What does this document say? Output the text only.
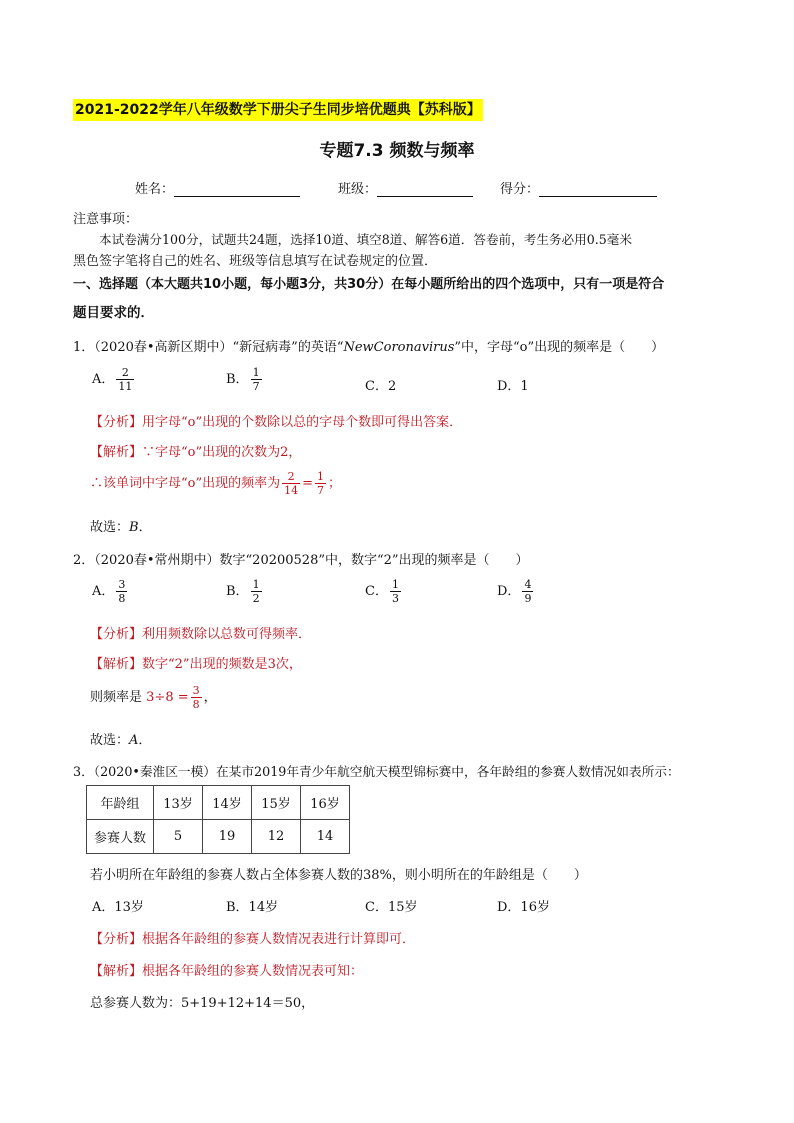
2021-2022学年八年级数学下册尖子生同步培优题典【苏科版】
专题7.3 频数与频率
姓名：	班级：	得分：
注意事项：
本试卷满分100分，试题共24题，选择10道、填空8道、解答6道．答卷前，考生务必用0.5毫米
黑色签字笔将自己的姓名、班级等信息填写在试卷规定的位置．
一、选择题（本大题共10小题，每小题3分，共30分）在每小题所给出的四个选项中，只有一项是符合
题目要求的．
1．（2020春•高新区期中）“新冠病毒”的英语“NewCoronavirus”中，字母“o”出现的频率是（　　）
A． $\frac{2}{11}$	B． $\frac{1}{7}$	C．2	D．1
【分析】用字母“o”出现的个数除以总的字母个数即可得出答案．
【解析】∵字母“o”出现的次数为2，
∴该单词中字母“o”出现的频率为 $\frac{2}{14} = \frac{1}{7}$ ；
故选：B．
2．（2020春•常州期中）数字“20200528”中，数字“2”出现的频率是（　　）
A． $\frac{3}{8}$	B． $\frac{1}{2}$	C． $\frac{1}{3}$	D． $\frac{4}{9}$
【分析】利用频数除以总数可得频率．
【解析】数字“2”出现的频数是3次，
则频率是 $3\div 8 = \frac{3}{8}$ ，
故选：A．
3．（2020•秦淮区一模）在某市2019年青少年航空航天模型锦标赛中，各年龄组的参赛人数情况如表所示：
年龄组	13岁	14岁	15岁	16岁
参赛人数	5	19	12	14
若小明所在年龄组的参赛人数占全体参赛人数的38%，则小明所在的年龄组是（　　）
A．13岁	B．14岁	C．15岁	D．16岁
【分析】根据各年龄组的参赛人数情况表进行计算即可．
【解析】根据各年龄组的参赛人数情况表可知：
总参赛人数为：5+19+12+14＝50，
